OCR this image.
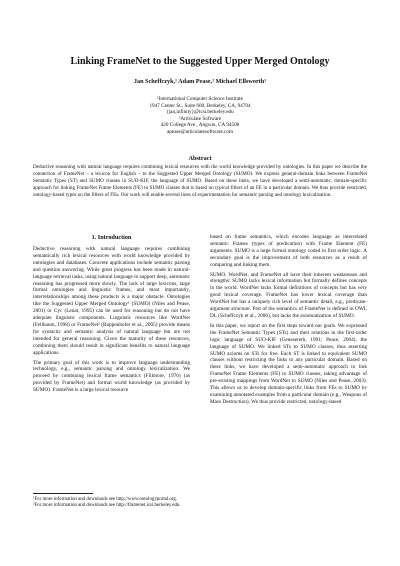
Linking FrameNet to the Suggested Upper Merged Ontology
Jan Scheffczyk,¹ Adam Pease,² Michael Ellsworth¹
¹International Computer Science Institute
1947 Center St., Suite 600, Berkeley, CA, 94704
{jan,infinity}@icsi.berkeley.edu
²Articulate Software
420 College Ave., Angwin, CA 94508
apease@articulatesoftware.com
Abstract
Deductive reasoning with natural language requires combining lexical resources with the world knowledge provided by ontologies. In this paper we describe the connection of FrameNet – a lexicon for English – to the Suggested Upper Merged Ontology (SUMO). We express general-domain links between FrameNet Semantic Types (ST) and SUMO classes in SUO-KIF, the language of SUMO. Based on these links, we have developed a semi-automatic, domain-specific approach for linking FrameNet Frame Elements (FE) to SUMO classes that is based on typical fillers of an FE in a particular domain. We thus provide restricted, ontology-based types on the fillers of FEs. Our work will enable several lines of experimentation for semantic parsing and ontology lexicalization.
1. Introduction

Deductive reasoning with natural language requires combining semantically rich lexical resources with world knowledge provided by ontologies and databases. Concrete applications include semantic parsing and question answering. While great progress has been made in natural-language retrieval tasks, using natural language to support deep, automatic reasoning has progressed more slowly. The lack of large lexicons, large formal ontologies and linguistic frames, and most importantly, interrelationships among these products is a major obstacle. Ontologies like the Suggested Upper Merged Ontology¹ (SUMO) (Niles and Pease, 2001) or Cyc (Lenat, 1995) can be used for reasoning but do not have adequate linguistic components. Linguistic resources like WordNet (Fellbaum, 1998) or FrameNet² (Ruppenhofer et al., 2005) provide means for syntactic and semantic analysis of natural language but are not intended for general reasoning. Given the maturity of these resources, combining them should result in significant benefits to natural language applications.

The primary goal of this work is to improve language understanding technology, e.g., semantic parsing and ontology lexicalization. We proceed by combining lexical frame semantics (Fillmore, 1976) (as provided by FrameNet) and formal world knowledge (as provided by SUMO). FrameNet is a large lexical resource

based on frame semantics, which encodes language as interrelated semantic Frames (types of predication) with Frame Element (FE) arguments. SUMO is a large formal ontology coded in first order logic. A secondary goal is the improvement of both resources as a result of comparing and linking them.

SUMO, WordNet, and FrameNet all have their inherent weaknesses and strengths: SUMO lacks lexical information but formally defines concepts in the world. WordNet lacks formal definitions of concepts but has very good lexical coverage. FrameNet has lower lexical coverage than WordNet but has a uniquely rich level of semantic detail, e.g., predicate-argument structure. Part of the semantics of FrameNet is defined in OWL DL (Scheffczyk et al., 2006), but lacks the axiomatization of SUMO.

In this paper, we report on the first steps toward our goals. We expressed the FrameNet Semantic Types (STs) and their relations in the first-order logic language of SUO-KIF (Genesereth, 1991; Pease, 2004), the language of SUMO. We linked STs to SUMO classes, thus asserting SUMO axioms on STs for free. Each ST is linked to equivalent SUMO classes without restricting the links to any particular domain. Based on these links, we have developed a semi-automatic approach to link FrameNet Frame Elements (FE) to SUMO classes, taking advantage of pre-existing mappings from WordNet to SUMO (Niles and Pease, 2003). This allows us to develop domain-specific links from FEs to SUMO by examining annotated examples from a particular domain (e.g., Weapons of Mass Destruction). We thus provide restricted, ontology-based

¹For more information and downloads see http://www.ontologyportal.org.
²For more information and downloads see http://framenet.icsi.berkeley.edu.
